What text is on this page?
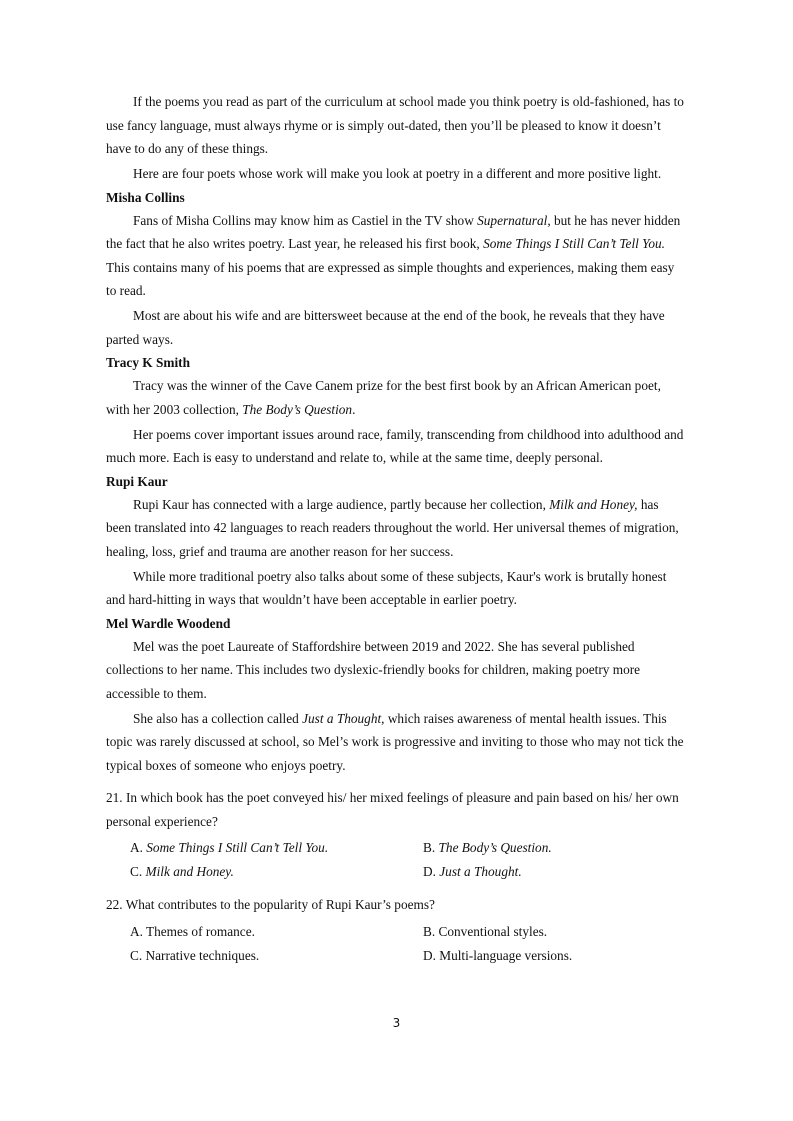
If the poems you read as part of the curriculum at school made you think poetry is old-fashioned, has to use fancy language, must always rhyme or is simply out-dated, then you’ll be pleased to know it doesn’t have to do any of these things.

Here are four poets whose work will make you look at poetry in a different and more positive light.

Misha Collins

Fans of Misha Collins may know him as Castiel in the TV show Supernatural, but he has never hidden the fact that he also writes poetry. Last year, he released his first book, Some Things I Still Can’t Tell You. This contains many of his poems that are expressed as simple thoughts and experiences, making them easy to read.

Most are about his wife and are bittersweet because at the end of the book, he reveals that they have parted ways.

Tracy K Smith

Tracy was the winner of the Cave Canem prize for the best first book by an African American poet, with her 2003 collection, The Body’s Question.

Her poems cover important issues around race, family, transcending from childhood into adulthood and much more. Each is easy to understand and relate to, while at the same time, deeply personal.

Rupi Kaur

Rupi Kaur has connected with a large audience, partly because her collection, Milk and Honey, has been translated into 42 languages to reach readers throughout the world. Her universal themes of migration, healing, loss, grief and trauma are another reason for her success.

While more traditional poetry also talks about some of these subjects, Kaur's work is brutally honest and hard-hitting in ways that wouldn’t have been acceptable in earlier poetry.

Mel Wardle Woodend

Mel was the poet Laureate of Staffordshire between 2019 and 2022. She has several published collections to her name. This includes two dyslexic-friendly books for children, making poetry more accessible to them.

She also has a collection called Just a Thought, which raises awareness of mental health issues. This topic was rarely discussed at school, so Mel’s work is progressive and inviting to those who may not tick the typical boxes of someone who enjoys poetry.

21. In which book has the poet conveyed his/ her mixed feelings of pleasure and pain based on his/ her own personal experience?

A. Some Things I Still Can’t Tell You.	B. The Body’s Question.
C. Milk and Honey.	D. Just a Thought.

22. What contributes to the popularity of Rupi Kaur’s poems?

A. Themes of romance.	B. Conventional styles.
C. Narrative techniques.	D. Multi-language versions.
3
